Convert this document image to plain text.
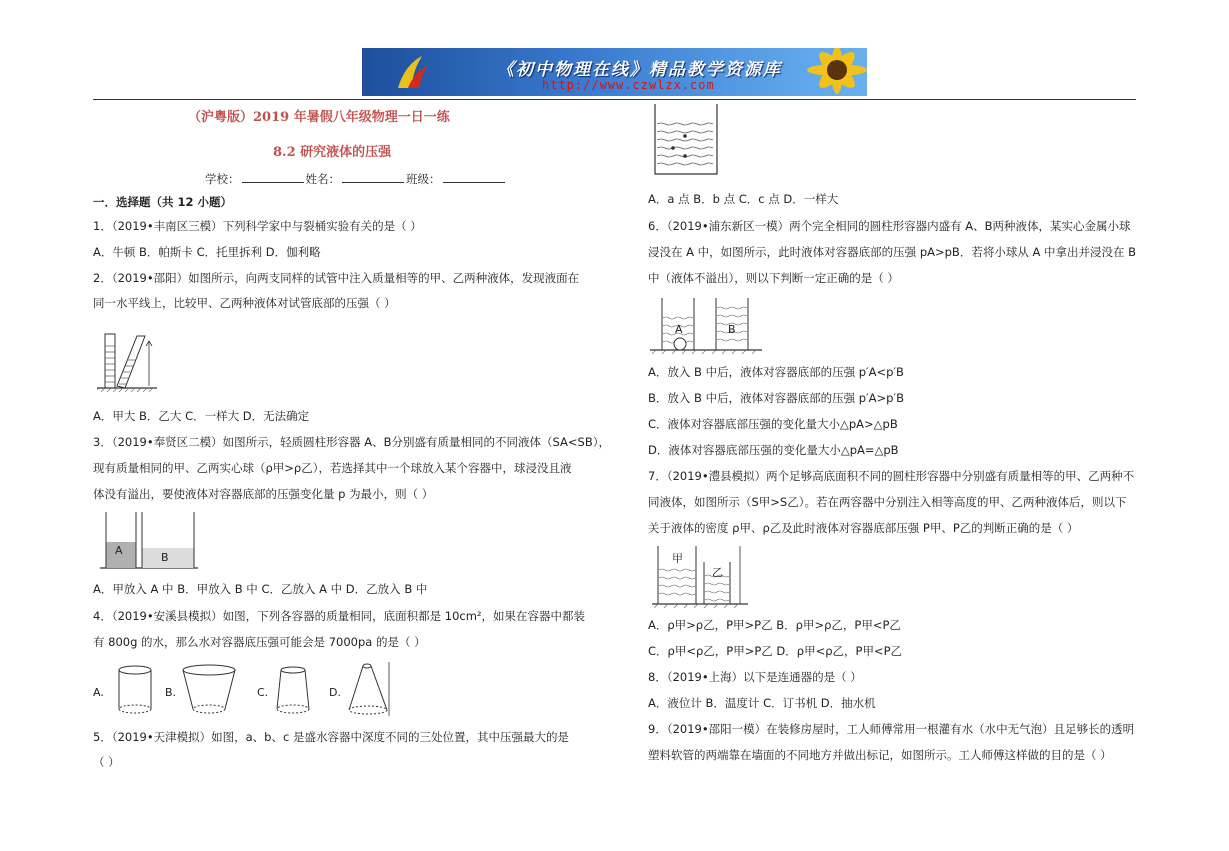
《初中物理在线》精品教学资源库
http://www.czwlzx.com
（沪粤版）2019 年暑假八年级物理一日一练
8.2 研究液体的压强
学校：	姓名：	班级：
一．选择题（共 12 小题）
1．（2019•丰南区三模）下列科学家中与裂桶实验有关的是（ ）
A．牛顿 B．帕斯卡 C．托里拆利 D．伽利略
2．（2019•邵阳）如图所示，向两支同样的试管中注入质量相等的甲、乙两种液体，发现液面在
同一水平线上，比较甲、乙两种液体对试管底部的压强（ ）
A．甲大 B．乙大 C．一样大 D．无法确定
3．（2019•奉贤区二模）如图所示，轻质圆柱形容器 A、B分别盛有质量相同的不同液体（SA<SB），
现有质量相同的甲、乙两实心球（ρ甲>ρ乙），若选择其中一个球放入某个容器中，球浸没且液
体没有溢出，要使液体对容器底部的压强变化量 p 为最小，则（ ）
A
B
A．甲放入 A 中 B．甲放入 B 中 C．乙放入 A 中 D．乙放入 B 中
4．（2019•安溪县模拟）如图，下列各容器的质量相同，底面积都是 10cm²，如果在容器中都装
有 800g 的水，那么水对容器底压强可能会是 7000pa 的是（ ）
A.	B.	C.	D.
5．（2019•天津模拟）如图，a、b、c 是盛水容器中深度不同的三处位置，其中压强最大的是
（ ）
A．a 点 B．b 点 C．c 点 D．一样大
6．（2019•浦东新区一模）两个完全相同的圆柱形容器内盛有 A、B两种液体，某实心金属小球
浸没在 A 中，如图所示，此时液体对容器底部的压强 pA>pB．若将小球从 A 中拿出并浸没在 B
中（液体不溢出），则以下判断一定正确的是（ ）
A	B
A．放入 B 中后，液体对容器底部的压强 p′A<p′B
B．放入 B 中后，液体对容器底部的压强 p′A>p′B
C．液体对容器底部压强的变化量大小△pA>△pB
D．液体对容器底部压强的变化量大小△pA=△pB
7．（2019•澧县模拟）两个足够高底面积不同的圆柱形容器中分别盛有质量相等的甲、乙两种不
同液体，如图所示（S甲>S乙）。若在两容器中分别注入相等高度的甲、乙两种液体后，则以下
关于液体的密度 ρ甲、ρ乙及此时液体对容器底部压强 P甲、P乙的判断正确的是（ ）
甲
乙
A．ρ甲>ρ乙，P甲>P乙 B．ρ甲>ρ乙，P甲<P乙
C．ρ甲<ρ乙，P甲>P乙 D．ρ甲<ρ乙，P甲<P乙
8．（2019•上海）以下是连通器的是（ ）
A．液位计 B．温度计 C．订书机 D．抽水机
9．（2019•邵阳一模）在装修房屋时，工人师傅常用一根灌有水（水中无气泡）且足够长的透明
塑料软管的两端靠在墙面的不同地方并做出标记，如图所示。工人师傅这样做的目的是（ ）
